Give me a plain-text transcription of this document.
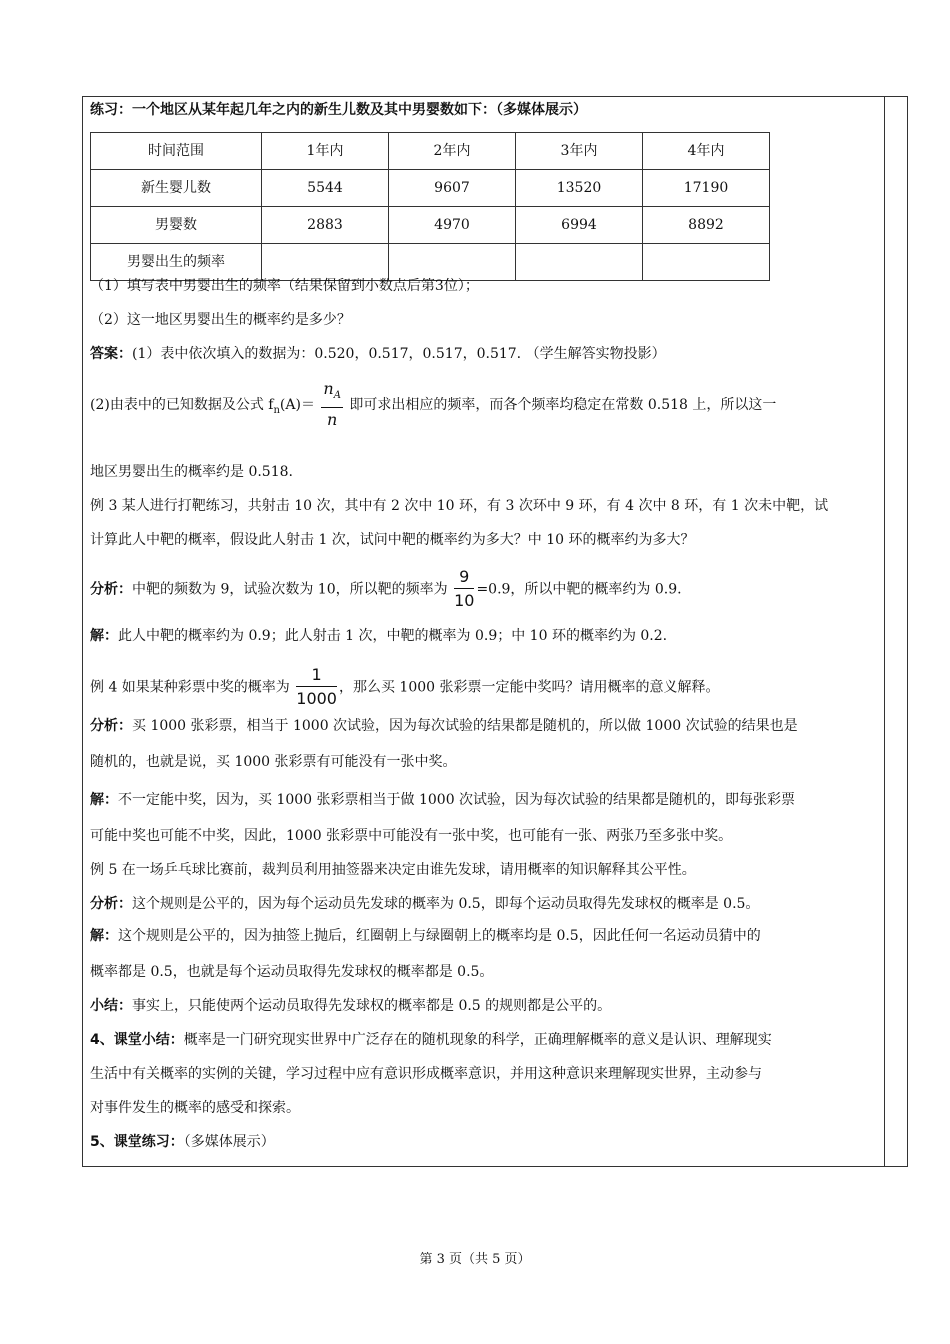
练习：一个地区从某年起几年之内的新生儿数及其中男婴数如下：（多媒体展示）
时间范围	1年内	2年内	3年内	4年内
新生婴儿数	5544	9607	13520	17190
男婴数	2883	4970	6994	8892
男婴出生的频率				
（1）填写表中男婴出生的频率（结果保留到小数点后第3位）；
（2）这一地区男婴出生的概率约是多少？
答案：(1）表中依次填入的数据为：0.520，0.517，0.517，0.517. （学生解答实物投影）
(2)由表中的已知数据及公式 $f_n(A)= \frac{n_A}{n}$ 即可求出相应的频率，而各个频率均稳定在常数 0.518 上，所以这一
地区男婴出生的概率约是 0.518.
例 3 某人进行打靶练习，共射击 10 次，其中有 2 次中 10 环，有 3 次环中 9 环，有 4 次中 8 环，有 1 次未中靶，试
计算此人中靶的概率，假设此人射击 1 次，试问中靶的概率约为多大？中 10 环的概率约为多大？
分析：中靶的频数为 9，试验次数为 10，所以靶的频率为 $\frac{9}{10} =0.9$，所以中靶的概率约为 0.9.
解：此人中靶的概率约为 0.9；此人射击 1 次，中靶的概率为 0.9；中 10 环的概率约为 0.2.
例 4 如果某种彩票中奖的概率为 $\frac{1}{1000}$ ，那么买 1000 张彩票一定能中奖吗？请用概率的意义解释。
分析：买 1000 张彩票，相当于 1000 次试验，因为每次试验的结果都是随机的，所以做 1000 次试验的结果也是
随机的，也就是说，买 1000 张彩票有可能没有一张中奖。
解：不一定能中奖，因为，买 1000 张彩票相当于做 1000 次试验，因为每次试验的结果都是随机的，即每张彩票
可能中奖也可能不中奖，因此，1000 张彩票中可能没有一张中奖，也可能有一张、两张乃至多张中奖。
例 5 在一场乒乓球比赛前，裁判员利用抽签器来决定由谁先发球，请用概率的知识解释其公平性。
分析：这个规则是公平的，因为每个运动员先发球的概率为 0.5，即每个运动员取得先发球权的概率是 0.5。
解：这个规则是公平的，因为抽签上抛后，红圈朝上与绿圈朝上的概率均是 0.5，因此任何一名运动员猜中的
概率都是 0.5，也就是每个运动员取得先发球权的概率都是 0.5。
小结：事实上，只能使两个运动员取得先发球权的概率都是 0.5 的规则都是公平的。
4、课堂小结：概率是一门研究现实世界中广泛存在的随机现象的科学，正确理解概率的意义是认识、理解现实
生活中有关概率的实例的关键，学习过程中应有意识形成概率意识，并用这种意识来理解现实世界，主动参与
对事件发生的概率的感受和探索。
5、课堂练习：（多媒体展示）
第 3 页（共 5 页）
